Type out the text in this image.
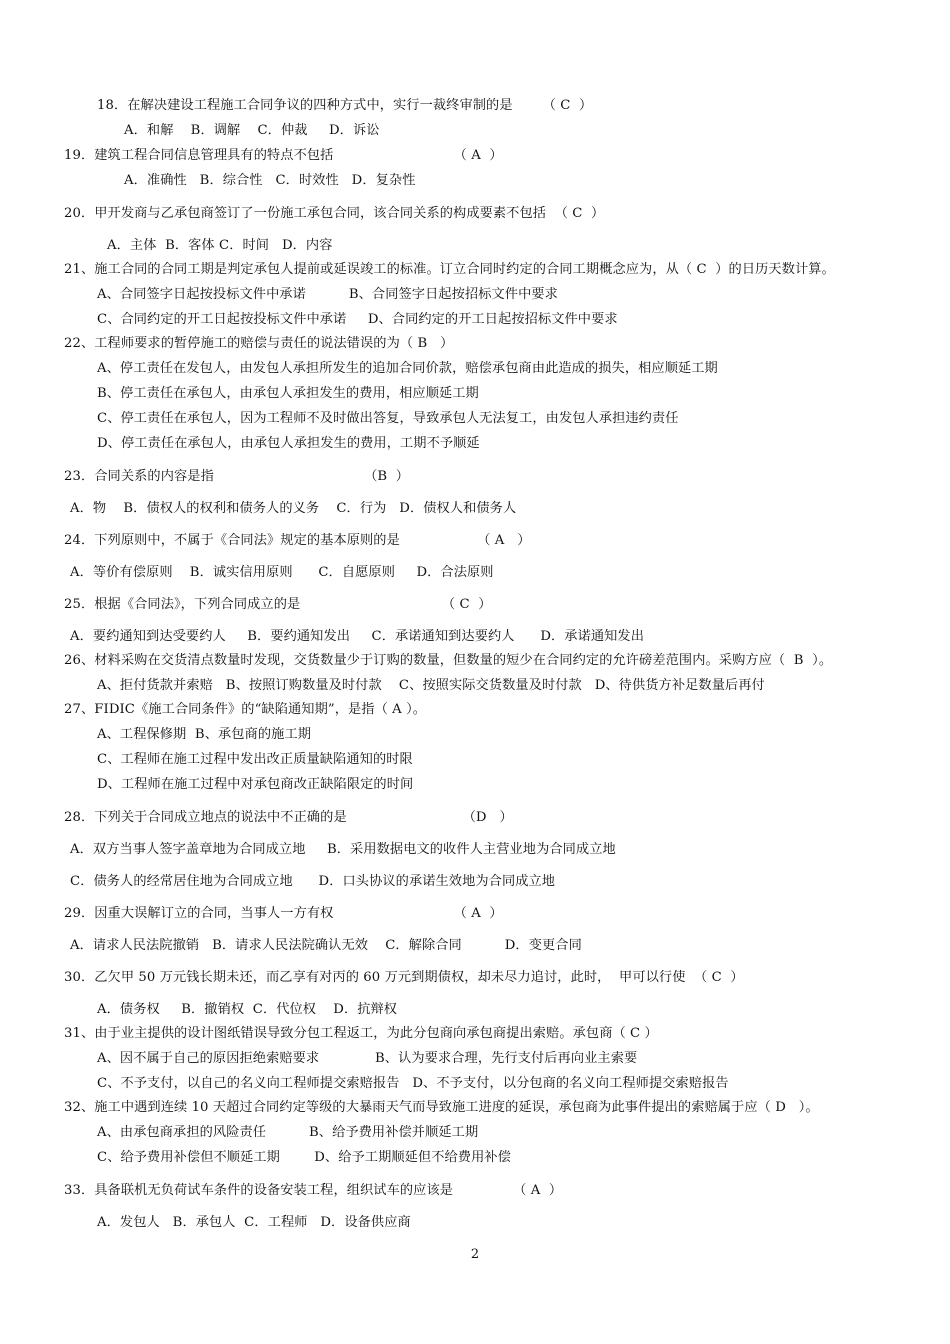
18．在解决建设工程施工合同争议的四种方式中，实行一裁终审制的是       （ C  ）
A．和解    B．调解    C．仲裁     D．诉讼
19．建筑工程合同信息管理具有的特点不包括                            （ A  ）
A．准确性   B．综合性   C．时效性   D．复杂性
20．甲开发商与乙承包商签订了一份施工承包合同，该合同关系的构成要素不包括  （ C  ）
A．主体  B．客体 C．时间   D．内容
21、施工合同的合同工期是判定承包人提前或延误竣工的标准。订立合同时约定的合同工期概念应为，从（ C  ）的日历天数计算。
A、合同签字日起按投标文件中承诺          B、合同签字日起按招标文件中要求
C、合同约定的开工日起按投标文件中承诺     D、合同约定的开工日起按招标文件中要求
22、工程师要求的暂停施工的赔偿与责任的说法错误的为（ B   ）
A、停工责任在发包人，由发包人承担所发生的追加合同价款，赔偿承包商由此造成的损失，相应顺延工期
B、停工责任在承包人，由承包人承担发生的费用，相应顺延工期
C、停工责任在承包人，因为工程师不及时做出答复，导致承包人无法复工，由发包人承担违约责任
D、停工责任在承包人，由承包人承担发生的费用，工期不予顺延
23．合同关系的内容是指                                   （B  ）
A．物    B．债权人的权利和债务人的义务    C．行为   D．债权人和债务人
24．下列原则中，不属于《合同法》规定的基本原则的是                  （ A   ）
A．等价有偿原则    B．诚实信用原则      C．自愿原则     D．合法原则
25．根据《合同法》，下列合同成立的是                                 （ C  ）
A．要约通知到达受要约人     B．要约通知发出     C．承诺通知到达要约人      D．承诺通知发出
26、材料采购在交货清点数量时发现，交货数量少于订购的数量，但数量的短少在合同约定的允许磅差范围内。采购方应（  B  ）。
A、拒付货款并索赔   B、按照订购数量及时付款    C、按照实际交货数量及时付款   D、待供货方补足数量后再付
27、FIDIC《施工合同条件》的“缺陷通知期”，是指（ A ）。
A、工程保修期  B、承包商的施工期
C、工程师在施工过程中发出改正质量缺陷通知的时限
D、工程师在施工过程中对承包商改正缺陷限定的时间
28．下列关于合同成立地点的说法中不正确的是                           （D   ）
A．双方当事人签字盖章地为合同成立地     B．采用数据电文的收件人主营业地为合同成立地
C．债务人的经常居住地为合同成立地      D．口头协议的承诺生效地为合同成立地
29．因重大误解订立的合同，当事人一方有权                            （ A  ）
A．请求人民法院撤销   B．请求人民法院确认无效    C．解除合同          D．变更合同
30．乙欠甲 50 万元钱长期未还，而乙享有对丙的 60 万元到期债权，却未尽力追讨，此时，  甲可以行使  （ C  ）
A．债务权     B．撤销权  C．代位权    D．抗辩权
31、由于业主提供的设计图纸错误导致分包工程返工，为此分包商向承包商提出索赔。承包商（ C ）
A、因不属于自己的原因拒绝索赔要求             B、认为要求合理，先行支付后再向业主索要
C、不予支付，以自己的名义向工程师提交索赔报告   D、不予支付，以分包商的名义向工程师提交索赔报告
32、施工中遇到连续 10 天超过合同约定等级的大暴雨天气而导致施工进度的延误，承包商为此事件提出的索赔属于应（ D   ）。
A、由承包商承担的风险责任          B、给予费用补偿并顺延工期
C、给予费用补偿但不顺延工期        D、给予工期顺延但不给费用补偿
33．具备联机无负荷试车条件的设备安装工程，组织试车的应该是              （ A  ）
A．发包人   B．承包人  C．工程师   D．设备供应商
2
